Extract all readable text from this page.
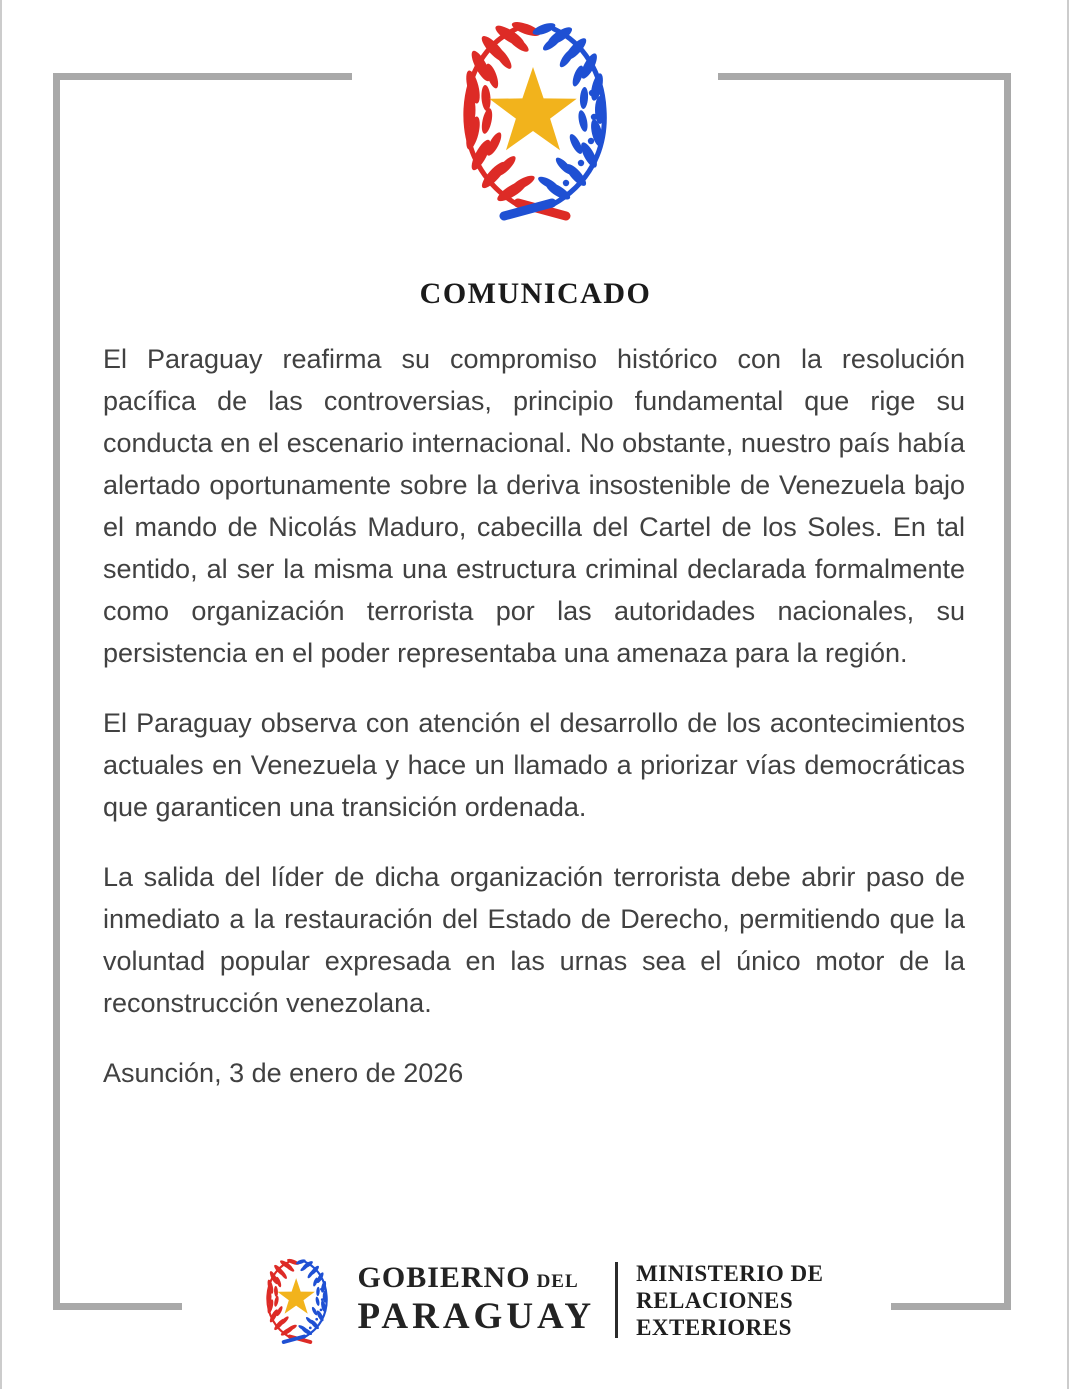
COMUNICADO

El Paraguay reafirma su compromiso histórico con la resolución pacífica de las controversias, principio fundamental que rige su conducta en el escenario internacional. No obstante, nuestro país había alertado oportunamente sobre la deriva insostenible de Venezuela bajo el mando de Nicolás Maduro, cabecilla del Cartel de los Soles. En tal sentido, al ser la misma una estructura criminal declarada formalmente como organización terrorista por las autoridades nacionales, su persistencia en el poder representaba una amenaza para la región.

El Paraguay observa con atención el desarrollo de los acontecimientos actuales en Venezuela y hace un llamado a priorizar vías democráticas que garanticen una transición ordenada.

La salida del líder de dicha organización terrorista debe abrir paso de inmediato a la restauración del Estado de Derecho, permitiendo que la voluntad popular expresada en las urnas sea el único motor de la reconstrucción venezolana.

Asunción, 3 de enero de 2026

GOBIERNO DEL
PARAGUAY
MINISTERIO DE
RELACIONES
EXTERIORES
